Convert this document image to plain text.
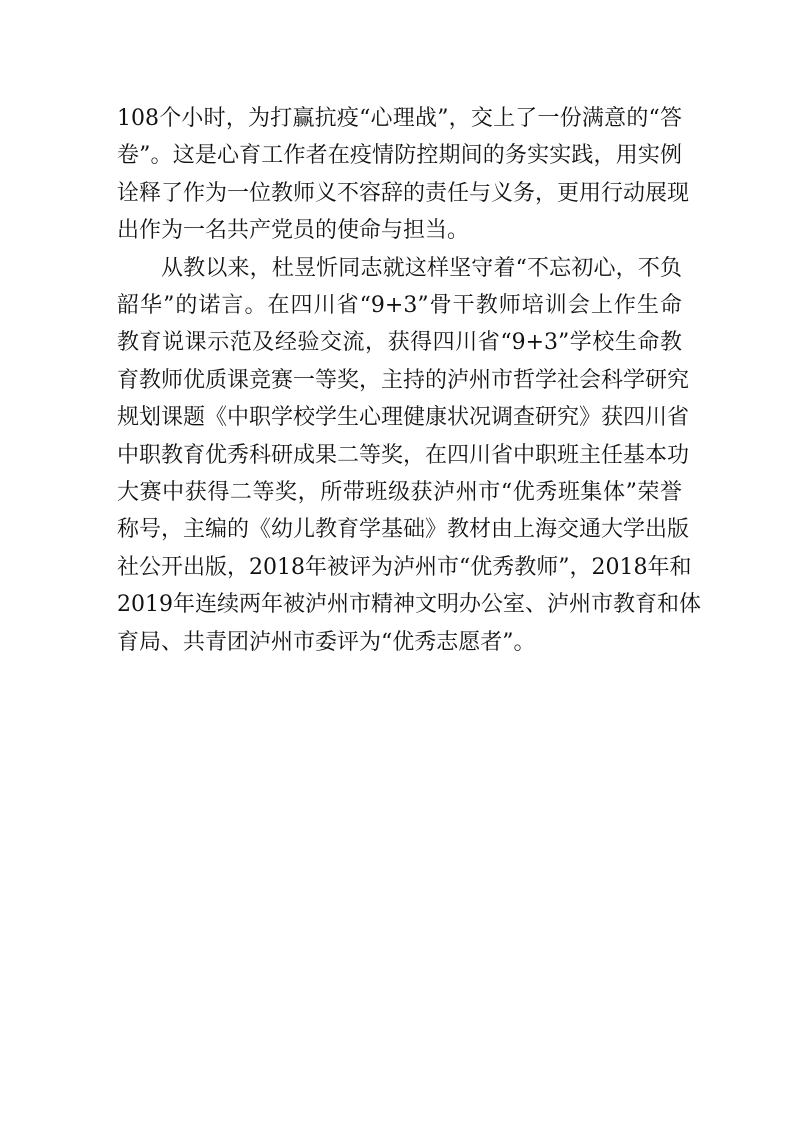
108个小时，为打赢抗疫“心理战”，交上了一份满意的“答
卷”。这是心育工作者在疫情防控期间的务实实践，用实例
诠释了作为一位教师义不容辞的责任与义务，更用行动展现
出作为一名共产党员的使命与担当。

从教以来，杜昱忻同志就这样坚守着“不忘初心，不负
韶华”的诺言。在四川省“9+3”骨干教师培训会上作生命
教育说课示范及经验交流，获得四川省“9+3”学校生命教
育教师优质课竞赛一等奖，主持的泸州市哲学社会科学研究
规划课题《中职学校学生心理健康状况调查研究》获四川省
中职教育优秀科研成果二等奖，在四川省中职班主任基本功
大赛中获得二等奖，所带班级获泸州市“优秀班集体”荣誉
称号，主编的《幼儿教育学基础》教材由上海交通大学出版
社公开出版，2018年被评为泸州市“优秀教师”，2018年和
2019年连续两年被泸州市精神文明办公室、泸州市教育和体
育局、共青团泸州市委评为“优秀志愿者”。
